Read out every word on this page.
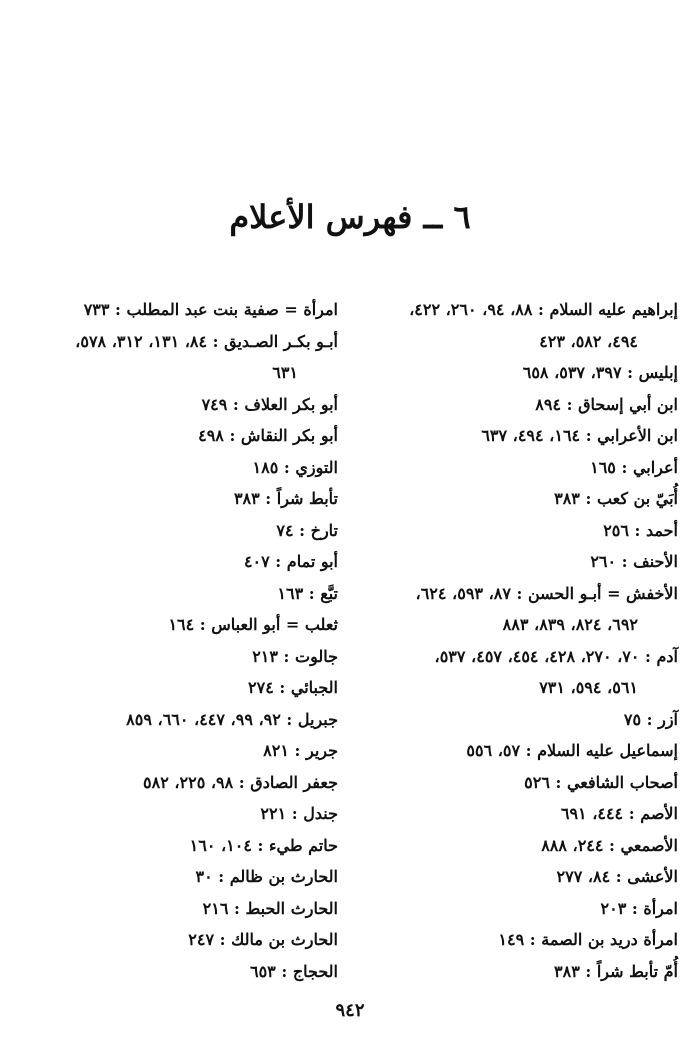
٦ ــ فهرس الأعلام

إبراهيم عليه السلام : ٨٨، ٩٤، ٢٦٠، ٤٢٢،

٤٩٤، ٥٨٢، ٤٢٣

إبليس : ٣٩٧، ٥٣٧، ٦٥٨

ابن أبي إسحاق : ٨٩٤

ابن الأعرابي : ١٦٤، ٤٩٤، ٦٣٧

أعرابي : ١٦٥

أُبَيّ بن كعب : ٣٨٣

أحمد : ٢٥٦

الأحنف : ٢٦٠

الأخفش = أبـو الحسن : ٨٧، ٥٩٣، ٦٢٤،

٦٩٢، ٨٢٤، ٨٣٩، ٨٨٣

آدم : ٧٠، ٢٧٠، ٤٢٨، ٤٥٤، ٤٥٧، ٥٣٧،

٥٦١، ٥٩٤، ٧٣١

آزر : ٧٥

إسماعيل عليه السلام : ٥٧، ٥٥٦

أصحاب الشافعي : ٥٢٦

الأصم : ٤٤٤، ٦٩١

الأصمعي : ٢٤٤، ٨٨٨

الأعشى : ٨٤، ٢٧٧

امرأة : ٢٠٣

امرأة دريد بن الصمة : ١٤٩

أُمّ تأبط شراً : ٣٨٣

امرأة = صفية بنت عبد المطلب : ٧٣٣

أبـو بكـر الصـديق : ٨٤، ١٣١، ٣١٢، ٥٧٨،

٦٣١

أبو بكر العلاف : ٧٤٩

أبو بكر النقاش : ٤٩٨

التوزي : ١٨٥

تأبط شراً : ٣٨٣

تارخ : ٧٤

أبو تمام : ٤٠٧

تبَّع : ١٦٣

ثعلب = أبو العباس : ١٦٤

جالوت : ٢١٣

الجبائي : ٢٧٤

جبريل : ٩٢، ٩٩، ٤٤٧، ٦٦٠، ٨٥٩

جرير : ٨٢١

جعفر الصادق : ٩٨، ٢٢٥، ٥٨٢

جندل : ٢٢١

حاتم طيء : ١٠٤، ١٦٠

الحارث بن ظالم : ٣٠

الحارث الحبط : ٢١٦

الحارث بن مالك : ٢٤٧

الحجاج : ٦٥٣

٩٤٢
